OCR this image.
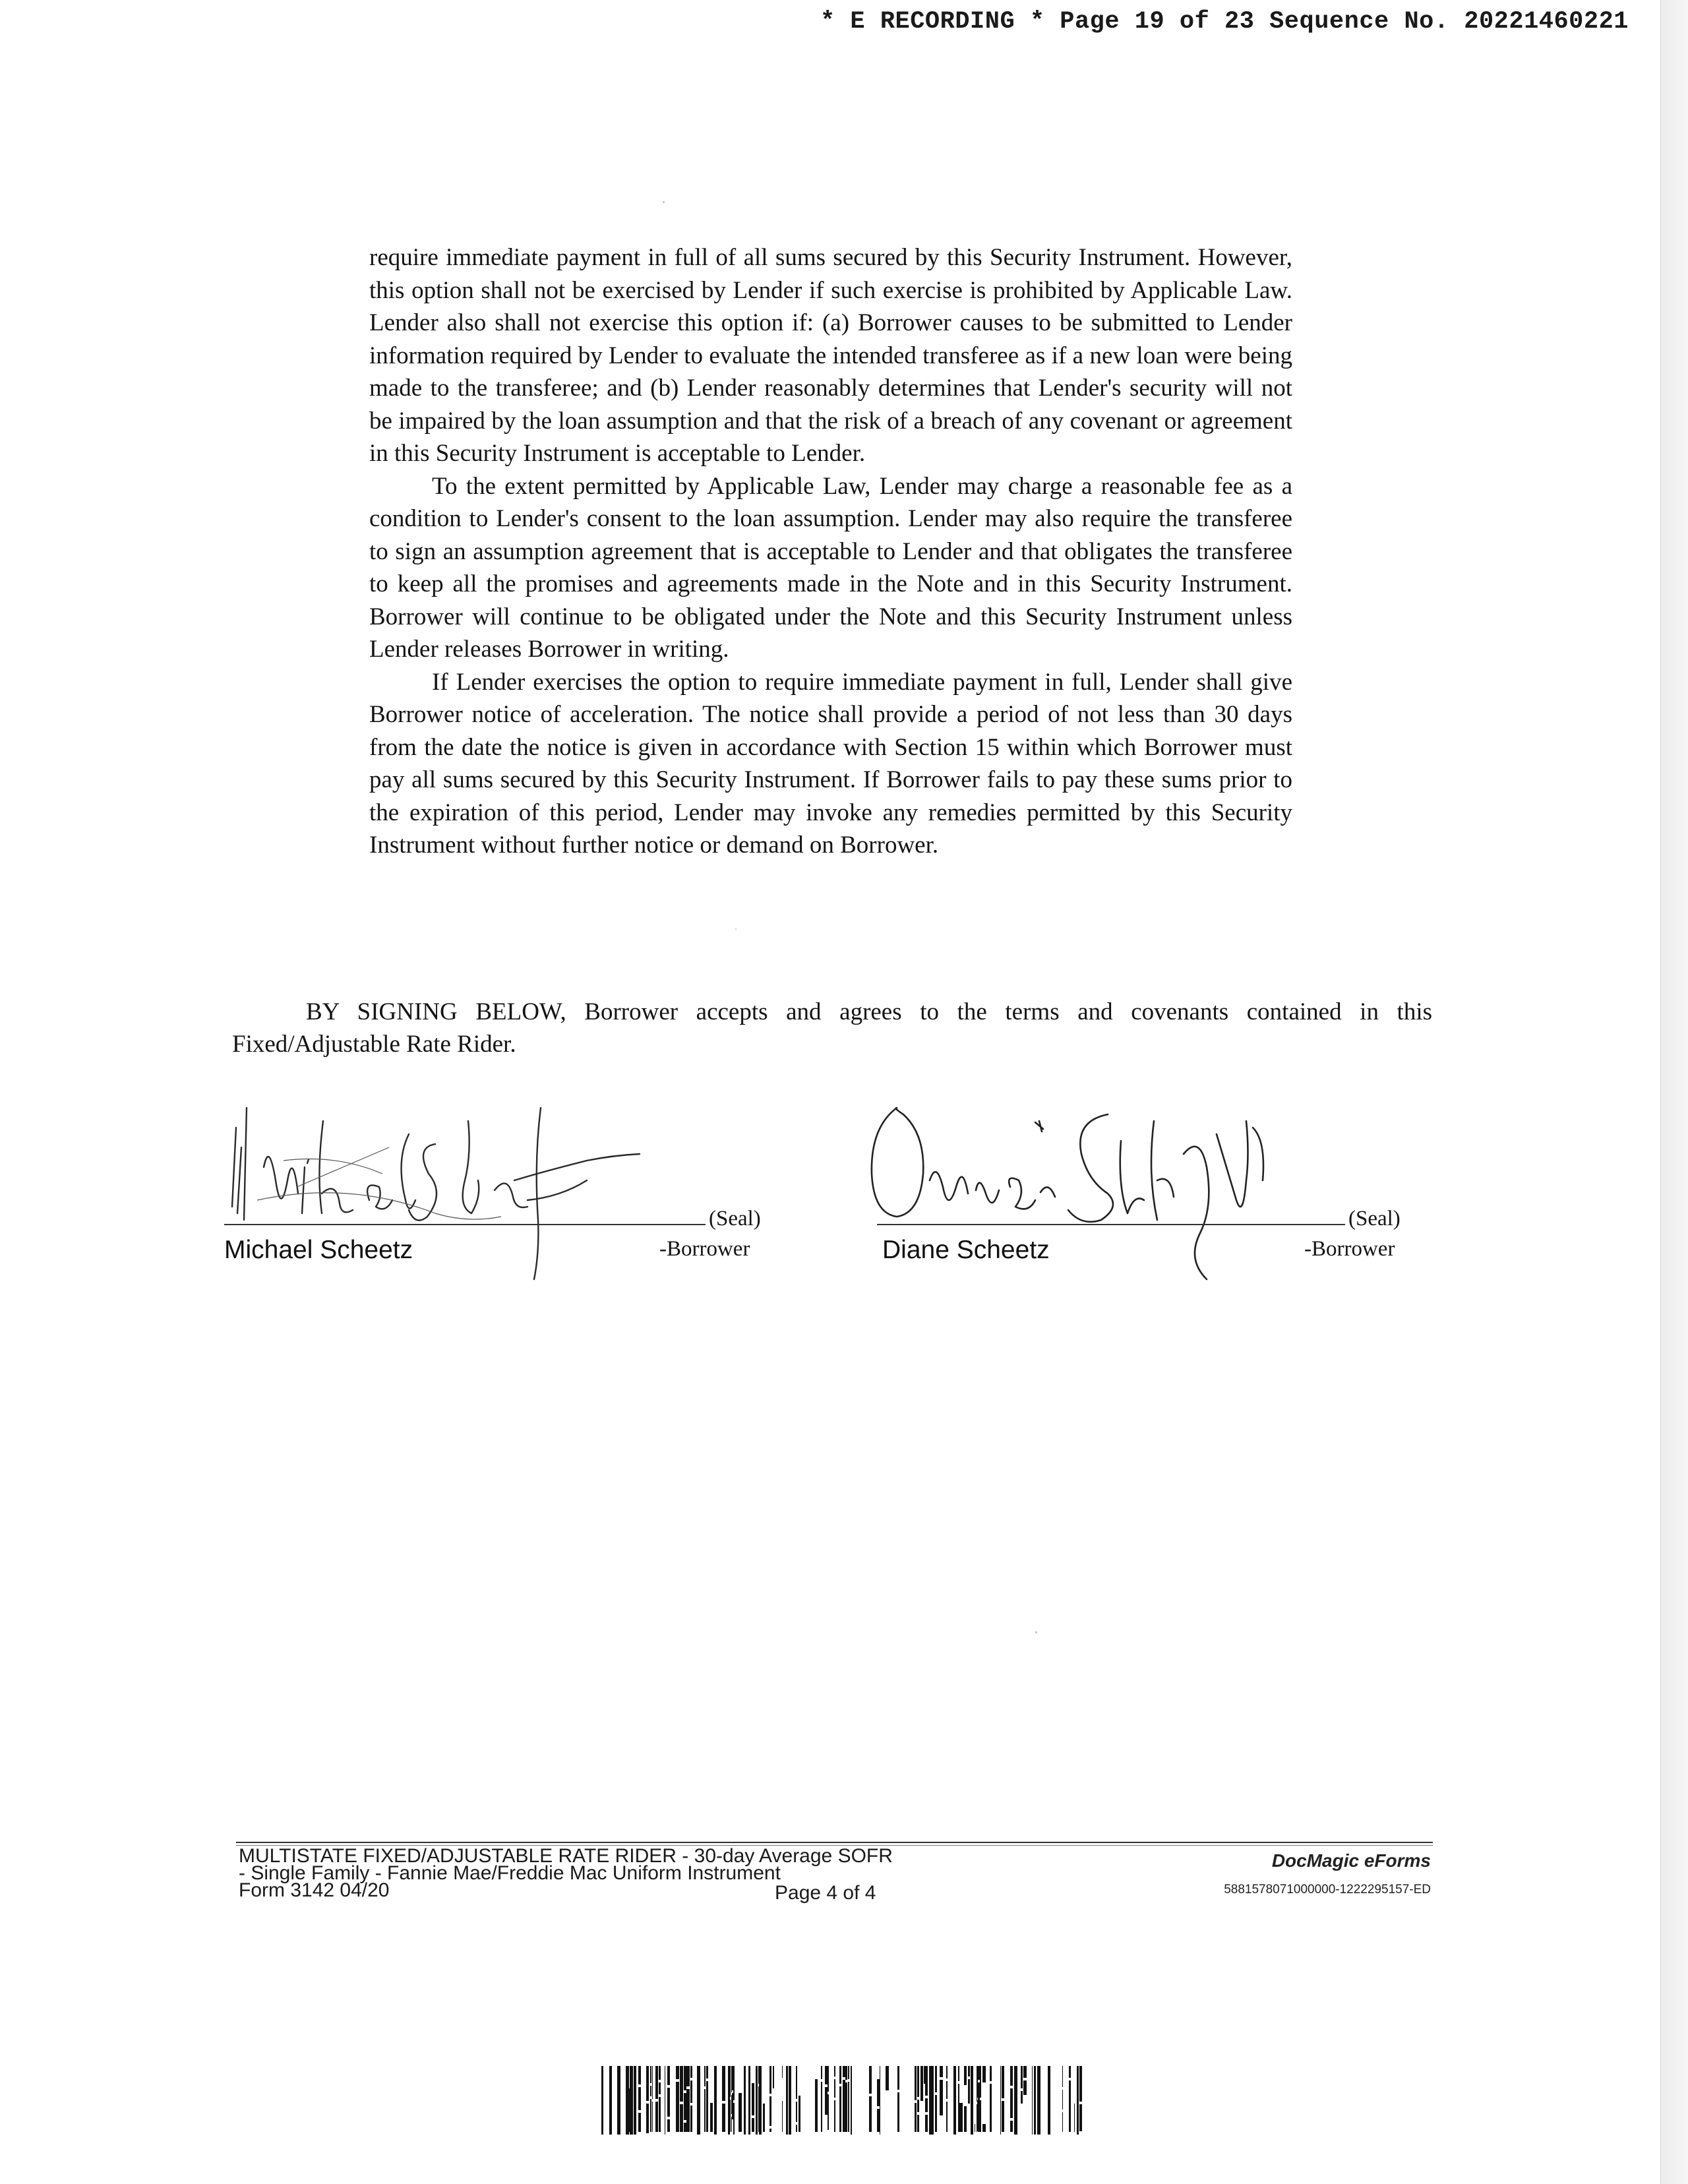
* E RECORDING * Page 19 of 23 Sequence No. 20221460221

require immediate payment in full of all sums secured by this Security Instrument. However, this option shall not be exercised by Lender if such exercise is prohibited by Applicable Law. Lender also shall not exercise this option if: (a) Borrower causes to be submitted to Lender information required by Lender to evaluate the intended transferee as if a new loan were being made to the transferee; and (b) Lender reasonably determines that Lender's security will not be impaired by the loan assumption and that the risk of a breach of any covenant or agreement in this Security Instrument is acceptable to Lender.

To the extent permitted by Applicable Law, Lender may charge a reasonable fee as a condition to Lender's consent to the loan assumption. Lender may also require the transferee to sign an assumption agreement that is acceptable to Lender and that obligates the transferee to keep all the promises and agreements made in the Note and in this Security Instrument. Borrower will continue to be obligated under the Note and this Security Instrument unless Lender releases Borrower in writing.

If Lender exercises the option to require immediate payment in full, Lender shall give Borrower notice of acceleration. The notice shall provide a period of not less than 30 days from the date the notice is given in accordance with Section 15 within which Borrower must pay all sums secured by this Security Instrument. If Borrower fails to pay these sums prior to the expiration of this period, Lender may invoke any remedies permitted by this Security Instrument without further notice or demand on Borrower.

BY SIGNING BELOW, Borrower accepts and agrees to the terms and covenants contained in this Fixed/Adjustable Rate Rider.
(Seal)
Michael Scheetz	-Borrower
(Seal)
Diane Scheetz	-Borrower
MULTISTATE FIXED/ADJUSTABLE RATE RIDER - 30-day Average SOFR
- Single Family - Fannie Mae/Freddie Mac Uniform Instrument
Form 3142 04/20	Page 4 of 4
DocMagic eForms
5881578071000000-1222295157-ED
